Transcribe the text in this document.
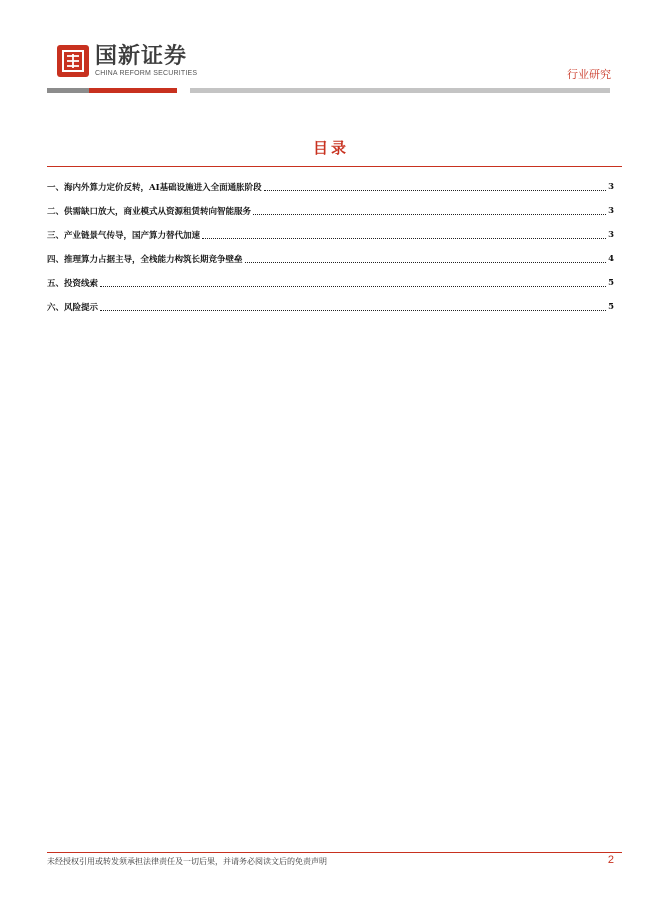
国新证券
CHINA REFORM SECURITIES	行业研究
目录
一、海内外算力定价反转，AI基础设施进入全面通胀阶段	3
二、供需缺口放大，商业模式从资源租赁转向智能服务	3
三、产业链景气传导，国产算力替代加速	3
四、推理算力占据主导，全栈能力构筑长期竞争壁垒	4
五、投资线索	5
六、风险提示	5
未经授权引用或转发须承担法律责任及一切后果，并请务必阅读文后的免责声明	2
